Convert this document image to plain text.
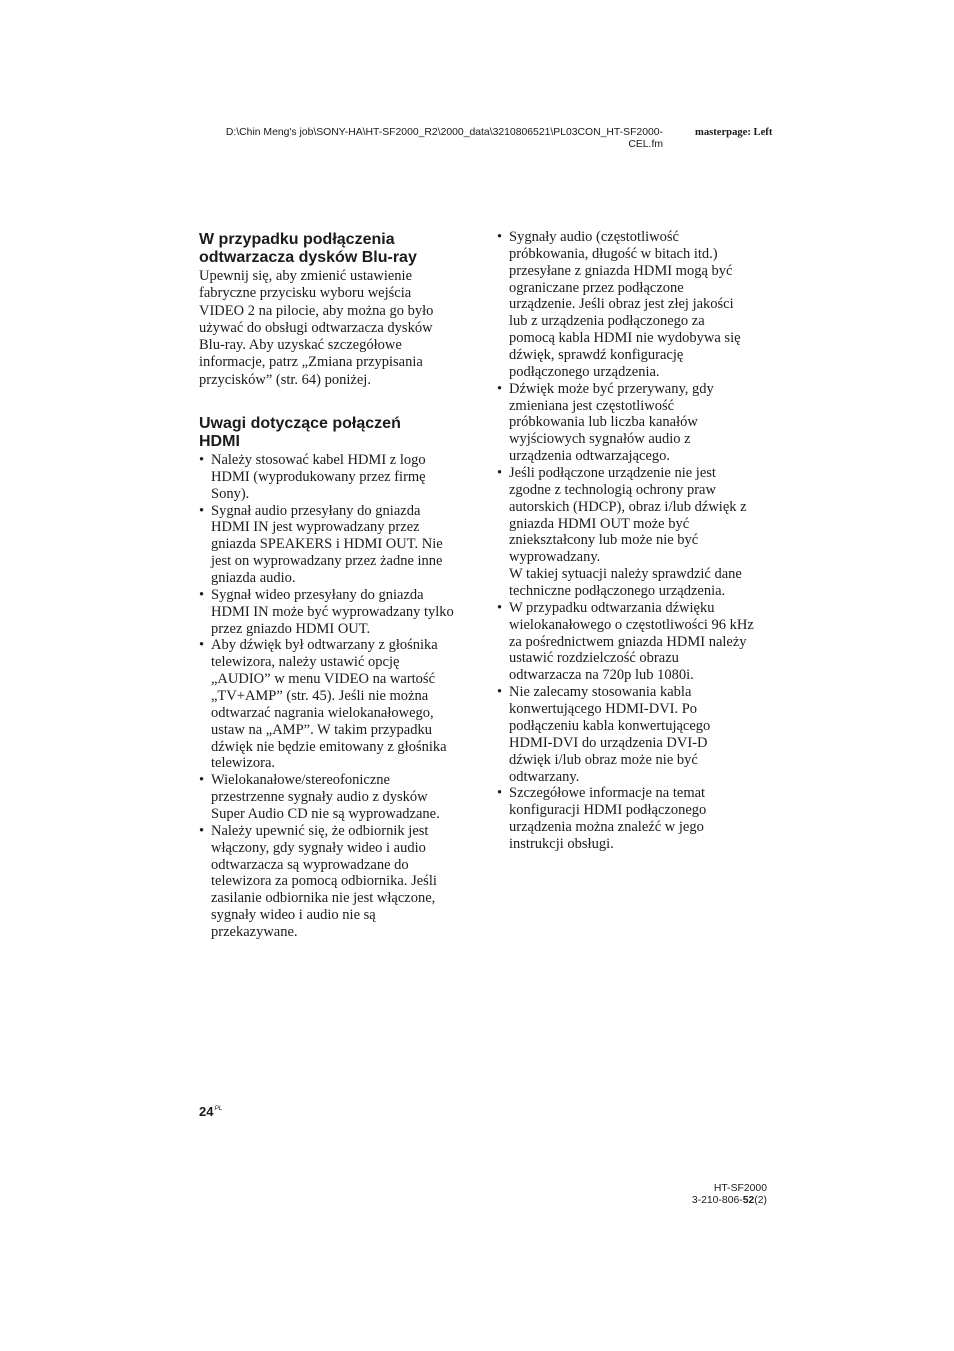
D:\Chin Meng's job\SONY-HA\HT-SF2000_R2\2000_data\3210806521\PL03CON_HT-SF2000-
CEL.fm
masterpage: Left
W przypadku podłączenia
odtwarzacza dysków Blu-ray
Upewnij się, aby zmienić ustawienie
fabryczne przycisku wyboru wejścia
VIDEO 2 na pilocie, aby można go było
używać do obsługi odtwarzacza dysków
Blu-ray. Aby uzyskać szczegółowe
informacje, patrz „Zmiana przypisania
przycisków” (str. 64) poniżej.
Uwagi dotyczące połączeń
HDMI
• Należy stosować kabel HDMI z logo
HDMI (wyprodukowany przez firmę
Sony).
• Sygnał audio przesyłany do gniazda
HDMI IN jest wyprowadzany przez
gniazda SPEAKERS i HDMI OUT. Nie
jest on wyprowadzany przez żadne inne
gniazda audio.
• Sygnał wideo przesyłany do gniazda
HDMI IN może być wyprowadzany tylko
przez gniazdo HDMI OUT.
• Aby dźwięk był odtwarzany z głośnika
telewizora, należy ustawić opcję
„AUDIO” w menu VIDEO na wartość
„TV+AMP” (str. 45). Jeśli nie można
odtwarzać nagrania wielokanałowego,
ustaw na „AMP”. W takim przypadku
dźwięk nie będzie emitowany z głośnika
telewizora.
• Wielokanałowe/stereofoniczne
przestrzenne sygnały audio z dysków
Super Audio CD nie są wyprowadzane.
• Należy upewnić się, że odbiornik jest
włączony, gdy sygnały wideo i audio
odtwarzacza są wyprowadzane do
telewizora za pomocą odbiornika. Jeśli
zasilanie odbiornika nie jest włączone,
sygnały wideo i audio nie są
przekazywane.
• Sygnały audio (częstotliwość
próbkowania, długość w bitach itd.)
przesyłane z gniazda HDMI mogą być
ograniczane przez podłączone
urządzenie. Jeśli obraz jest złej jakości
lub z urządzenia podłączonego za
pomocą kabla HDMI nie wydobywa się
dźwięk, sprawdź konfigurację
podłączonego urządzenia.
• Dźwięk może być przerywany, gdy
zmieniana jest częstotliwość
próbkowania lub liczba kanałów
wyjściowych sygnałów audio z
urządzenia odtwarzającego.
• Jeśli podłączone urządzenie nie jest
zgodne z technologią ochrony praw
autorskich (HDCP), obraz i/lub dźwięk z
gniazda HDMI OUT może być
zniekształcony lub może nie być
wyprowadzany.
W takiej sytuacji należy sprawdzić dane
techniczne podłączonego urządzenia.
• W przypadku odtwarzania dźwięku
wielokanałowego o częstotliwości 96 kHz
za pośrednictwem gniazda HDMI należy
ustawić rozdzielczość obrazu
odtwarzacza na 720p lub 1080i.
• Nie zalecamy stosowania kabla
konwertującego HDMI-DVI. Po
podłączeniu kabla konwertującego
HDMI-DVI do urządzenia DVI-D
dźwięk i/lub obraz może nie być
odtwarzany.
• Szczegółowe informacje na temat
konfiguracji HDMI podłączonego
urządzenia można znaleźć w jego
instrukcji obsługi.
$24^{PL}$
HT-SF2000
3-210-806-52(2)
